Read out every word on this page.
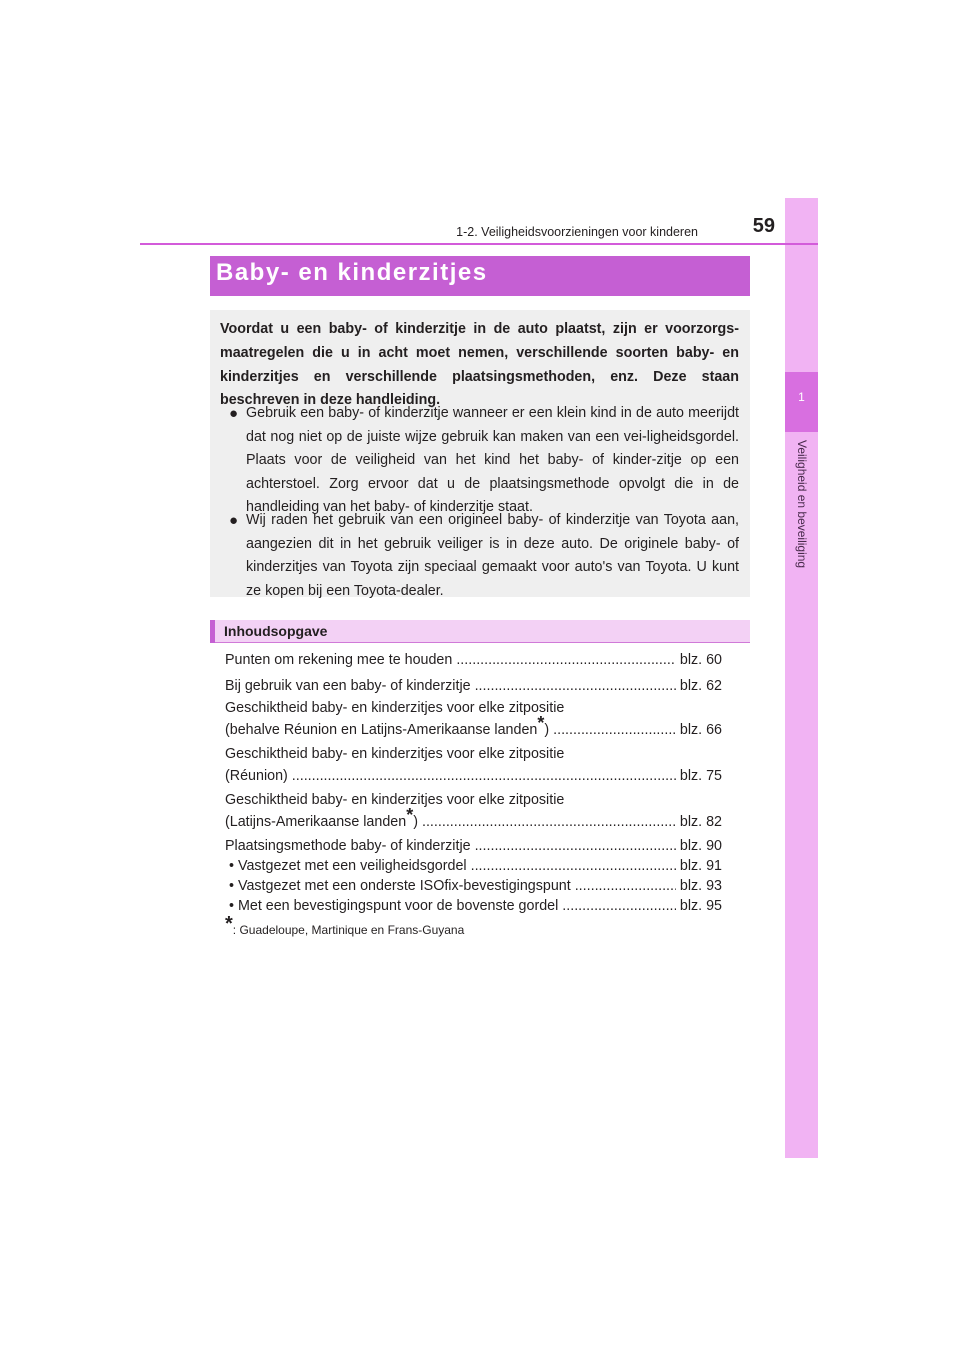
1
Veiligheid en beveiliging
1-2. Veiligheidsvoorzieningen voor kinderen	59
Baby- en kinderzitjes
Voordat u een baby- of kinderzitje in de auto plaatst, zijn er voorzorgs-maatregelen die u in acht moet nemen, verschillende soorten baby- en kinderzitjes en verschillende plaatsingsmethoden, enz. Deze staan beschreven in deze handleiding.
● Gebruik een baby- of kinderzitje wanneer er een klein kind in de auto meerijdt dat nog niet op de juiste wijze gebruik kan maken van een vei-ligheidsgordel. Plaats voor de veiligheid van het kind het baby- of kinder-zitje op een achterstoel. Zorg ervoor dat u de plaatsingsmethode opvolgt die in de handleiding van het baby- of kinderzitje staat.
● Wij raden het gebruik van een origineel baby- of kinderzitje van Toyota aan, aangezien dit in het gebruik veiliger is in deze auto. De originele baby- of kinderzitjes van Toyota zijn speciaal gemaakt voor auto's van Toyota. U kunt ze kopen bij een Toyota-dealer.
Inhoudsopgave
Punten om rekening mee te houden .....	blz. 60
Bij gebruik van een baby- of kinderzitje .....	blz. 62
Geschiktheid baby- en kinderzitjes voor elke zitpositie
(behalve Réunion en Latijns-Amerikaanse landen*) .....	blz. 66
Geschiktheid baby- en kinderzitjes voor elke zitpositie
(Réunion) .....	blz. 75
Geschiktheid baby- en kinderzitjes voor elke zitpositie
(Latijns-Amerikaanse landen*) .....	blz. 82
Plaatsingsmethode baby- of kinderzitje .....	blz. 90
• Vastgezet met een veiligheidsgordel .....	blz. 91
• Vastgezet met een onderste ISOfix-bevestigingspunt .....	blz. 93
• Met een bevestigingspunt voor de bovenste gordel .....	blz. 95
*: Guadeloupe, Martinique en Frans-Guyana
